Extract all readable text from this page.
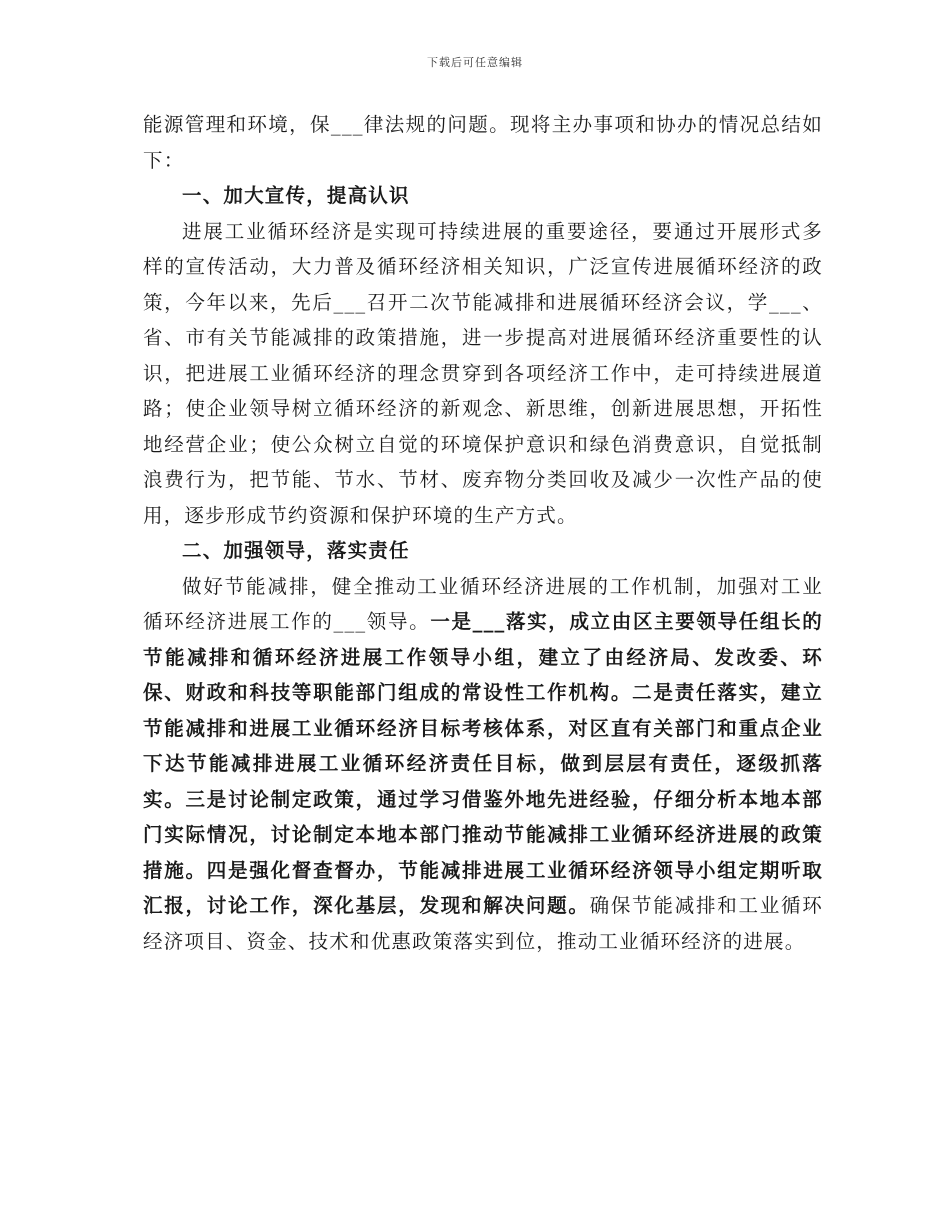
下载后可任意编辑

能源管理和环境，保___律法规的问题。现将主办事项和协办的情况总结如下：

一、加大宣传，提高认识

进展工业循环经济是实现可持续进展的重要途径，要通过开展形式多样的宣传活动，大力普及循环经济相关知识，广泛宣传进展循环经济的政策，今年以来，先后___召开二次节能减排和进展循环经济会议，学___、省、市有关节能减排的政策措施，进一步提高对进展循环经济重要性的认识，把进展工业循环经济的理念贯穿到各项经济工作中，走可持续进展道路；使企业领导树立循环经济的新观念、新思维，创新进展思想，开拓性地经营企业；使公众树立自觉的环境保护意识和绿色消费意识，自觉抵制浪费行为，把节能、节水、节材、废弃物分类回收及减少一次性产品的使用，逐步形成节约资源和保护环境的生产方式。

二、加强领导，落实责任

做好节能减排，健全推动工业循环经济进展的工作机制，加强对工业循环经济进展工作的___领导。一是___落实，成立由区主要领导任组长的节能减排和循环经济进展工作领导小组，建立了由经济局、发改委、环保、财政和科技等职能部门组成的常设性工作机构。二是责任落实，建立节能减排和进展工业循环经济目标考核体系，对区直有关部门和重点企业下达节能减排进展工业循环经济责任目标，做到层层有责任，逐级抓落实。三是讨论制定政策，通过学习借鉴外地先进经验，仔细分析本地本部门实际情况，讨论制定本地本部门推动节能减排工业循环经济进展的政策措施。四是强化督查督办，节能减排进展工业循环经济领导小组定期听取汇报，讨论工作，深化基层，发现和解决问题。确保节能减排和工业循环经济项目、资金、技术和优惠政策落实到位，推动工业循环经济的进展。
